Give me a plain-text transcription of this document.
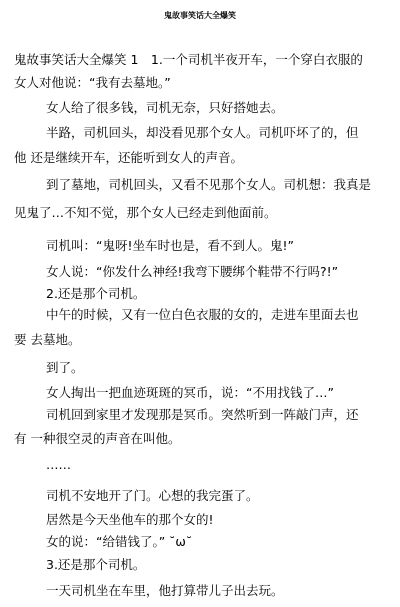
鬼故事笑话大全爆笑
鬼故事笑话大全爆笑 1　1.一个司机半夜开车，一个穿白衣服的
女人对他说：“我有去墓地。”
女人给了很多钱，司机无奈，只好搭她去。
半路，司机回头，却没看见那个女人。司机吓坏了的，但
他 还是继续开车，还能听到女人的声音。
到了墓地，司机回头，又看不见那个女人。司机想：我真是
见鬼了…不知不觉，那个女人已经走到他面前。
司机叫：“鬼呀!坐车时也是，看不到人。鬼!”
女人说：“你发什么神经!我弯下腰绑个鞋带不行吗?!”
2.还是那个司机。
中午的时候，又有一位白色衣服的女的，走进车里面去也
要 去墓地。
到了。
女人掏出一把血迹斑斑的冥币，说：“不用找钱了…”
司机回到家里才发现那是冥币。突然听到一阵敲门声，还
有 一种很空灵的声音在叫他。
……
司机不安地开了门。心想的我完蛋了。
居然是今天坐他车的那个女的!
女的说：“给错钱了。” ˘ω˘
3.还是那个司机。
一天司机坐在车里，他打算带儿子出去玩。
